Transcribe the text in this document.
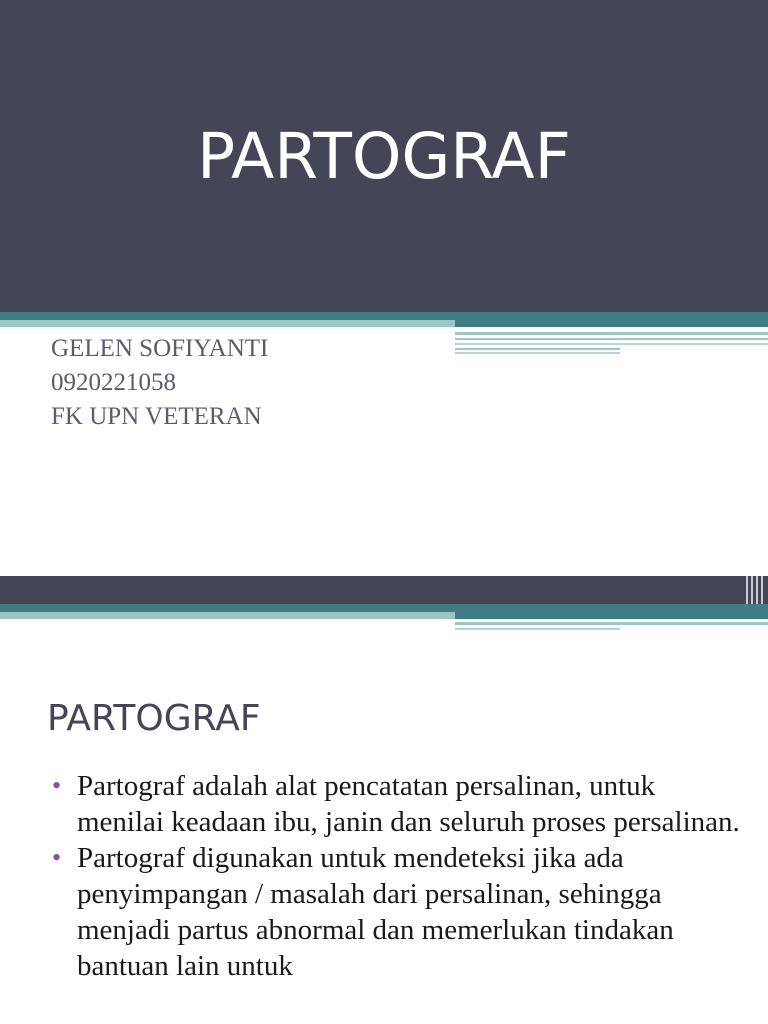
PARTOGRAF
GELEN SOFIYANTI
0920221058
FK UPN VETERAN
PARTOGRAF
• Partograf adalah alat pencatatan persalinan, untuk menilai keadaan ibu, janin dan seluruh proses persalinan.
• Partograf digunakan untuk mendeteksi jika ada penyimpangan / masalah dari persalinan, sehingga menjadi partus abnormal dan memerlukan tindakan bantuan lain untuk
